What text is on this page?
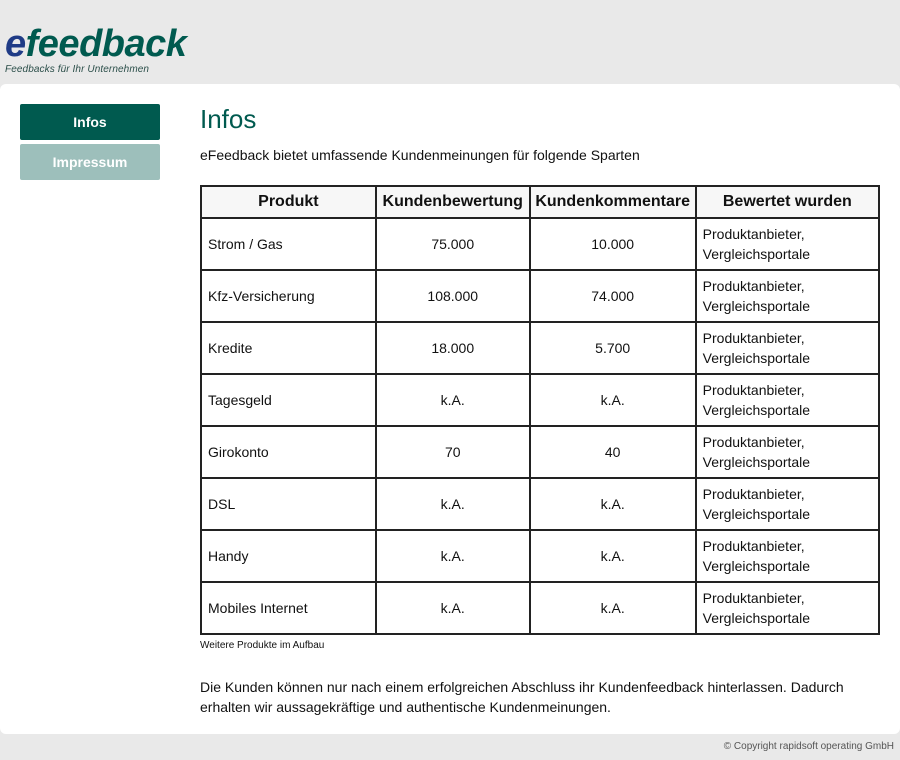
efeedback
Feedbacks für Ihr Unternehmen
Infos
Impressum
Infos

eFeedback bietet umfassende Kundenmeinungen für folgende Sparten

Produkt	Kundenbewertung	Kundenkommentare	Bewertet wurden
Strom / Gas	75.000	10.000	Produktanbieter,
Vergleichsportale

Kfz-Versicherung	108.000	74.000	Produktanbieter,
Vergleichsportale

Kredite	18.000	5.700	Produktanbieter,
Vergleichsportale

Tagesgeld	k.A.	k.A.	Produktanbieter,
Vergleichsportale

Girokonto	70	40	Produktanbieter,
Vergleichsportale

DSL	k.A.	k.A.	Produktanbieter,
Vergleichsportale

Handy	k.A.	k.A.	Produktanbieter,
Vergleichsportale

Mobiles Internet	k.A.	k.A.	Produktanbieter,
Vergleichsportale

Weitere Produkte im Aufbau

Die Kunden können nur nach einem erfolgreichen Abschluss ihr Kundenfeedback hinterlassen. Dadurch erhalten wir aussagekräftige und authentische Kundenmeinungen.

© Copyright rapidsoft operating GmbH
